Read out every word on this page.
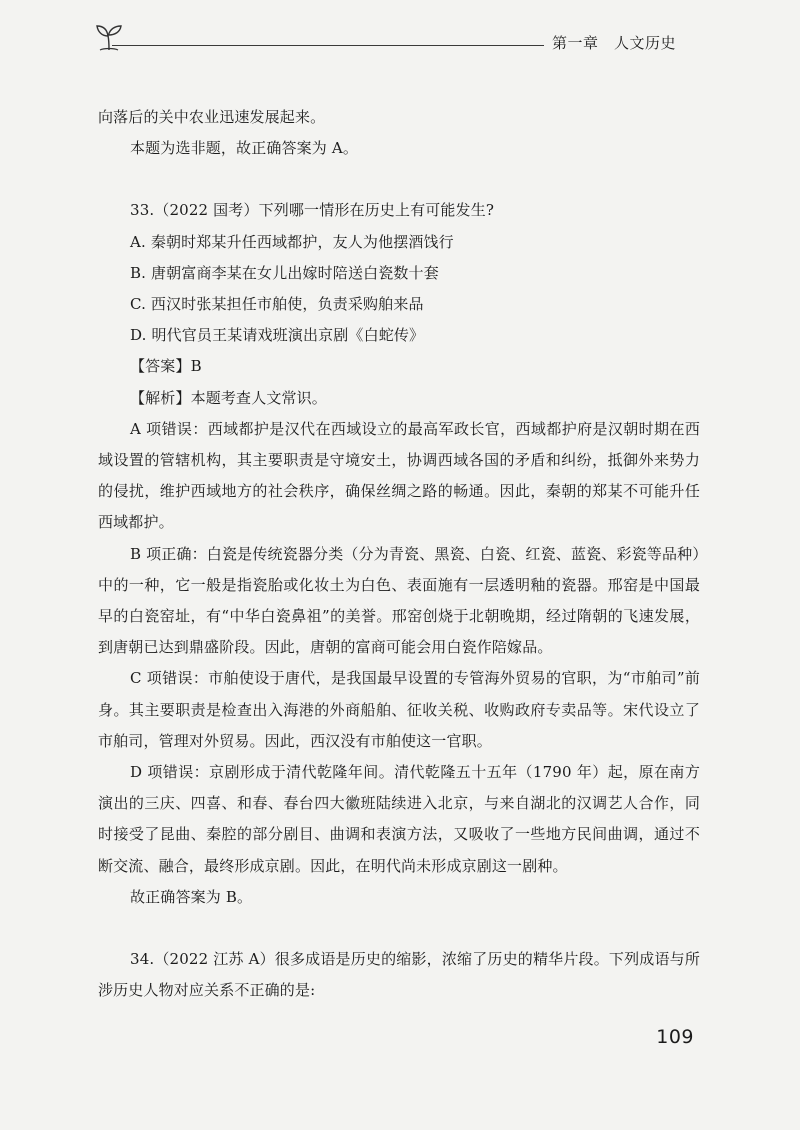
第一章　人文历史

向落后的关中农业迅速发展起来。

本题为选非题，故正确答案为 A。

33.（2022 国考）下列哪一情形在历史上有可能发生?

A. 秦朝时郑某升任西域都护，友人为他摆酒饯行

B. 唐朝富商李某在女儿出嫁时陪送白瓷数十套

C. 西汉时张某担任市舶使，负责采购舶来品

D. 明代官员王某请戏班演出京剧《白蛇传》

【答案】B

【解析】本题考查人文常识。

A 项错误：西域都护是汉代在西域设立的最高军政长官，西域都护府是汉朝时期在西域设置的管辖机构，其主要职责是守境安土，协调西域各国的矛盾和纠纷，抵御外来势力的侵扰，维护西域地方的社会秩序，确保丝绸之路的畅通。因此，秦朝的郑某不可能升任西域都护。

B 项正确：白瓷是传统瓷器分类（分为青瓷、黑瓷、白瓷、红瓷、蓝瓷、彩瓷等品种）中的一种，它一般是指瓷胎或化妆土为白色、表面施有一层透明釉的瓷器。邢窑是中国最早的白瓷窑址，有“中华白瓷鼻祖”的美誉。邢窑创烧于北朝晚期，经过隋朝的飞速发展，到唐朝已达到鼎盛阶段。因此，唐朝的富商可能会用白瓷作陪嫁品。

C 项错误：市舶使设于唐代，是我国最早设置的专管海外贸易的官职，为“市舶司”前身。其主要职责是检查出入海港的外商船舶、征收关税、收购政府专卖品等。宋代设立了市舶司，管理对外贸易。因此，西汉没有市舶使这一官职。

D 项错误：京剧形成于清代乾隆年间。清代乾隆五十五年（1790 年）起，原在南方演出的三庆、四喜、和春、春台四大徽班陆续进入北京，与来自湖北的汉调艺人合作，同时接受了昆曲、秦腔的部分剧目、曲调和表演方法，又吸收了一些地方民间曲调，通过不断交流、融合，最终形成京剧。因此，在明代尚未形成京剧这一剧种。

故正确答案为 B。

34.（2022 江苏 A）很多成语是历史的缩影，浓缩了历史的精华片段。下列成语与所涉历史人物对应关系不正确的是:

109
